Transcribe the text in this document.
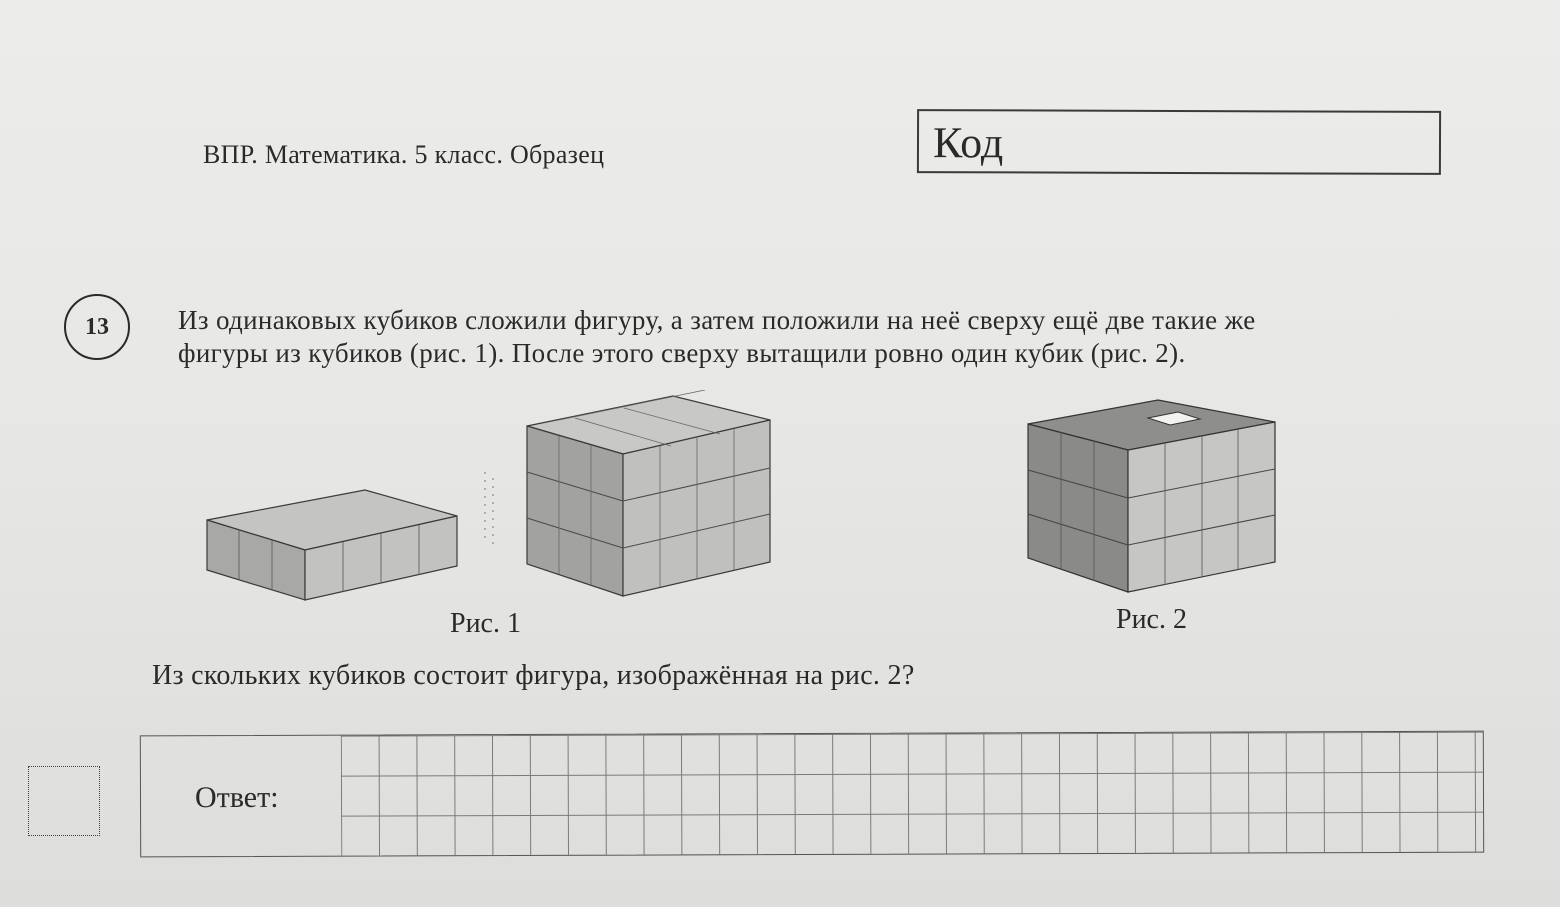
ВПР. Математика. 5 класс. Образец	Код
13	Из одинаковых кубиков сложили фигуру, а затем положили на неё сверху ещё две такие же
фигуры из кубиков (рис. 1). После этого сверху вытащили ровно один кубик (рис. 2).
Рис. 1	Рис. 2
Из скольких кубиков состоит фигура, изображённая на рис. 2?
Ответ:
